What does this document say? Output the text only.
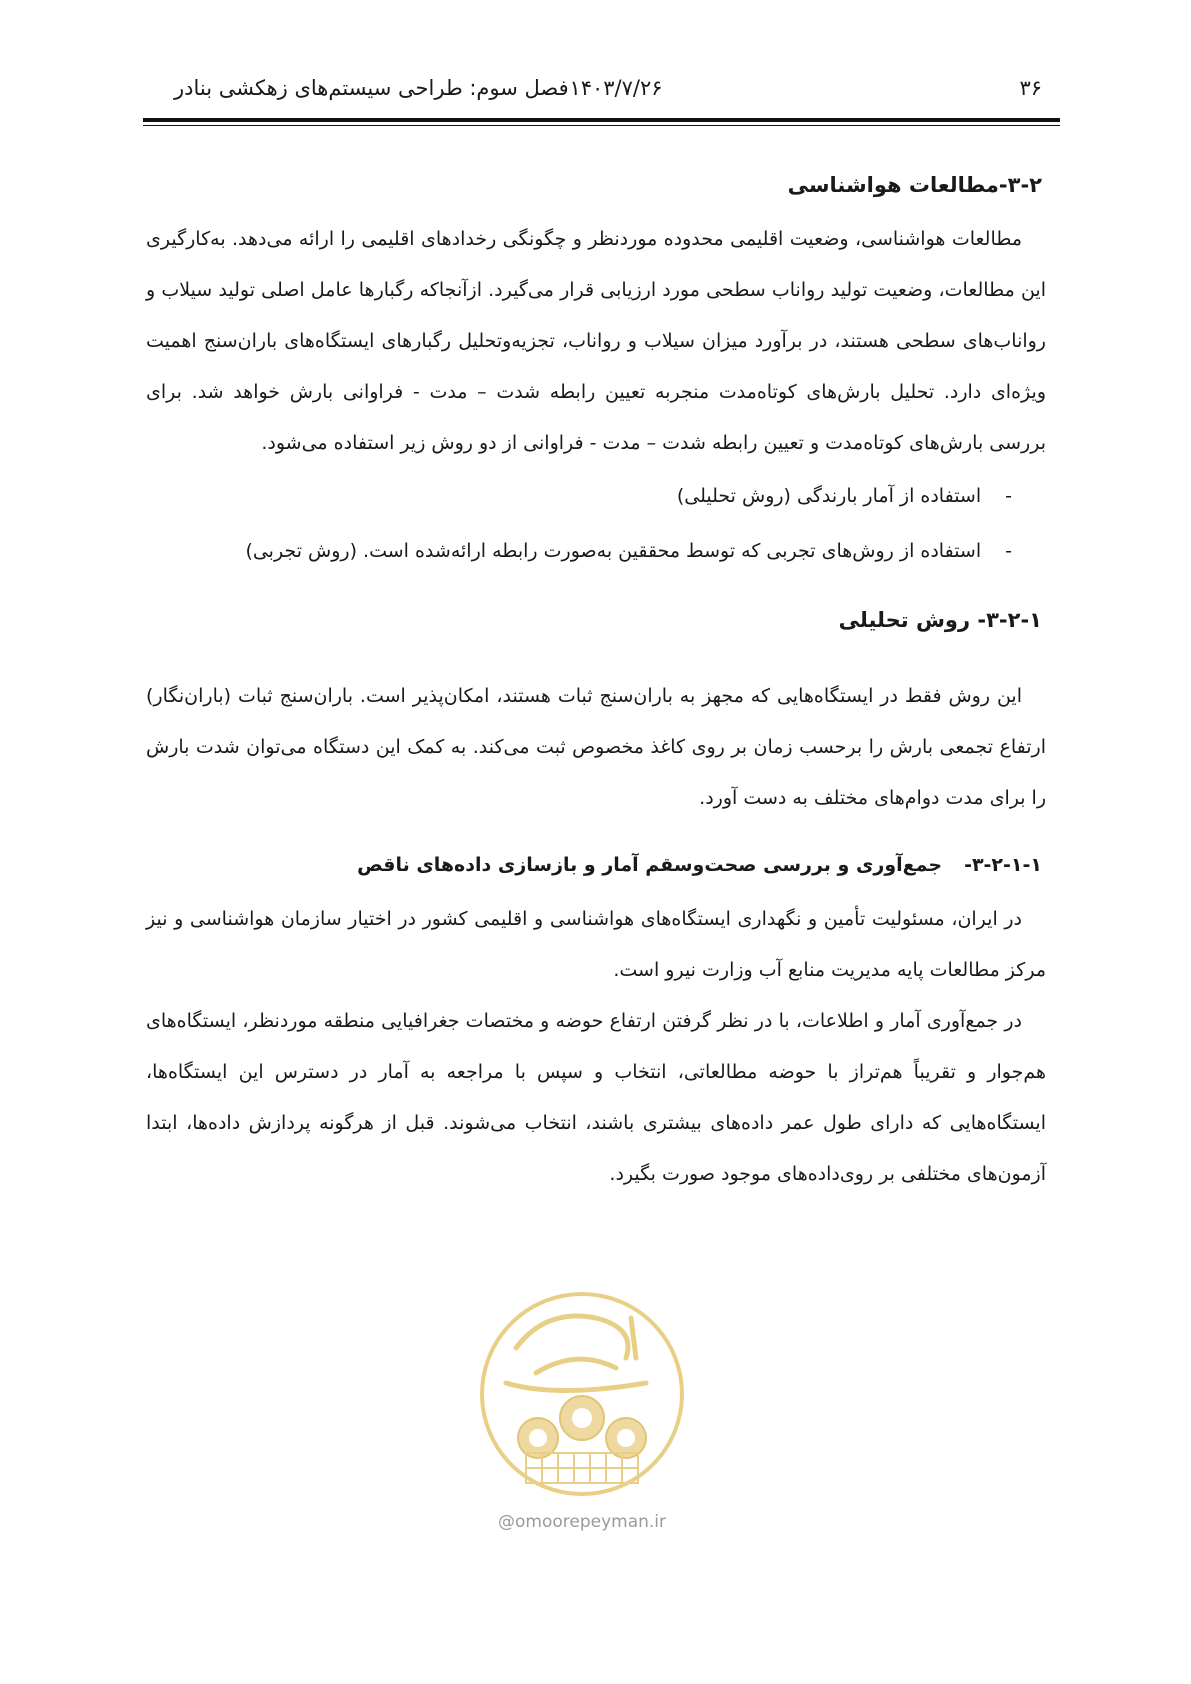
۳۶
۱۴۰۳/۷/۲۶
فصل سوم: طراحی سیستم‌های زهکشی بنادر
۳-۲-مطالعات هواشناسی

مطالعات هواشناسی، وضعیت اقلیمی محدوده موردنظر و چگونگی رخدادهای اقلیمی را ارائه می‌دهد. به‌کارگیری این مطالعات، وضعیت تولید رواناب سطحی مورد ارزیابی قرار می‌گیرد. ازآنجاکه رگبارها عامل اصلی تولید سیلاب و رواناب‌های سطحی هستند، در برآورد میزان سیلاب و رواناب، تجزیه‌وتحلیل رگبارهای ایستگاه‌های باران‌سنج اهمیت ویژه‌ای دارد. تحلیل بارش‌های کوتاه‌مدت منجربه تعیین رابطه شدت – مدت - فراوانی بارش خواهد شد. برای بررسی بارش‌های کوتاه‌مدت و تعیین رابطه شدت – مدت - فراوانی از دو روش زیر استفاده می‌شود.

-استفاده از آمار بارندگی (روش تحلیلی)
-استفاده از روش‌های تجربی که توسط محققین به‌صورت رابطه ارائه‌شده است. (روش تجربی)
۳-۲-۱- روش تحلیلی

این روش فقط در ایستگاه‌هایی که مجهز به باران‌سنج ثبات هستند، امکان‌پذیر است. باران‌سنج ثبات (باران‌نگار) ارتفاع تجمعی بارش را برحسب زمان بر روی کاغذ مخصوص ثبت می‌کند. به کمک این دستگاه می‌توان شدت بارش را برای مدت دوام‌های مختلف به دست آورد.

۳-۲-۱-۱-جمع‌آوری و بررسی صحت‌وسقم آمار و بازسازی داده‌های ناقص

در ایران، مسئولیت تأمین و نگهداری ایستگاه‌های هواشناسی و اقلیمی کشور در اختیار سازمان هواشناسی و نیز مرکز مطالعات پایه مدیریت منابع آب وزارت نیرو است.

در جمع‌آوری آمار و اطلاعات، با در نظر گرفتن ارتفاع حوضه و مختصات جغرافیایی منطقه موردنظر، ایستگاه‌های هم‌جوار و تقریباً هم‌تراز با حوضه مطالعاتی، انتخاب و سپس با مراجعه به آمار در دسترس این ایستگاه‌ها، ایستگاه‌هایی که دارای طول عمر داده‌های بیشتری باشند، انتخاب می‌شوند. قبل از هرگونه پردازش داده‌ها، ابتدا آزمون‌های مختلفی بر روی‌داده‌های موجود صورت بگیرد.

@omoorepeyman.ir
